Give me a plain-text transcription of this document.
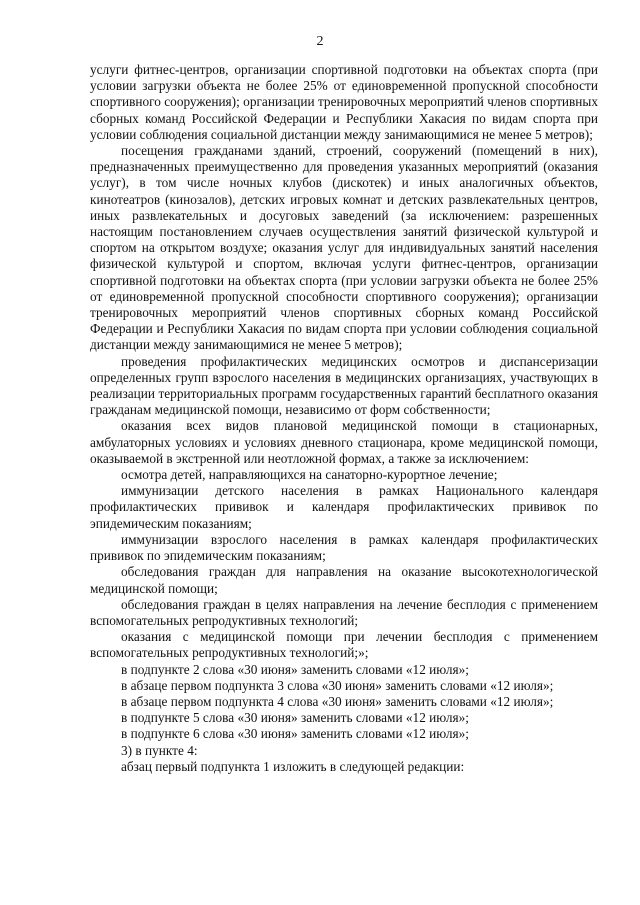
2

услуги фитнес-центров, организации спортивной подготовки на объектах спорта (при условии загрузки объекта не более 25% от единовременной пропускной способности спортивного сооружения); организации тренировочных мероприятий членов спортивных сборных команд Российской Федерации и Республики Хакасия по видам спорта при условии соблюдения социальной дистанции между занимающимися не менее 5 метров);

посещения гражданами зданий, строений, сооружений (помещений в них), предназначенных преимущественно для проведения указанных мероприятий (оказания услуг), в том числе ночных клубов (дискотек) и иных аналогичных объектов, кинотеатров (кинозалов), детских игровых комнат и детских развлекательных центров, иных развлекательных и досуговых заведений (за исключением: разрешенных настоящим постановлением случаев осуществления занятий физической культурой и спортом на открытом воздухе; оказания услуг для индивидуальных занятий населения физической культурой и спортом, включая услуги фитнес-центров, организации спортивной подготовки на объектах спорта (при условии загрузки объекта не более 25% от единовременной пропускной способности спортивного сооружения); организации тренировочных мероприятий членов спортивных сборных команд Российской Федерации и Республики Хакасия по видам спорта при условии соблюдения социальной дистанции между занимающимися не менее 5 метров);

проведения профилактических медицинских осмотров и диспансеризации определенных групп взрослого населения в медицинских организациях, участвующих в реализации территориальных программ государственных гарантий бесплатного оказания гражданам медицинской помощи, независимо от форм собственности;

оказания всех видов плановой медицинской помощи в стационарных, амбулаторных условиях и условиях дневного стационара, кроме медицинской помощи, оказываемой в экстренной или неотложной формах, а также за исключением:

осмотра детей, направляющихся на санаторно-курортное лечение;

иммунизации детского населения в рамках Национального календаря профилактических прививок и календаря профилактических прививок по эпидемическим показаниям;

иммунизации взрослого населения в рамках календаря профилактических прививок по эпидемическим показаниям;

обследования граждан для направления на оказание высокотехнологической медицинской помощи;

обследования граждан в целях направления на лечение бесплодия с применением вспомогательных репродуктивных технологий;

оказания с медицинской помощи при лечении бесплодия с применением вспомогательных репродуктивных технологий;»;

в подпункте 2 слова «30 июня» заменить словами «12 июля»;

в абзаце первом подпункта 3 слова «30 июня» заменить словами «12 июля»;

в абзаце первом подпункта 4 слова «30 июня» заменить словами «12 июля»;

в подпункте 5 слова «30 июня» заменить словами «12 июля»;

в подпункте 6 слова «30 июня» заменить словами «12 июля»;

3) в пункте 4:

абзац первый подпункта 1 изложить в следующей редакции:
